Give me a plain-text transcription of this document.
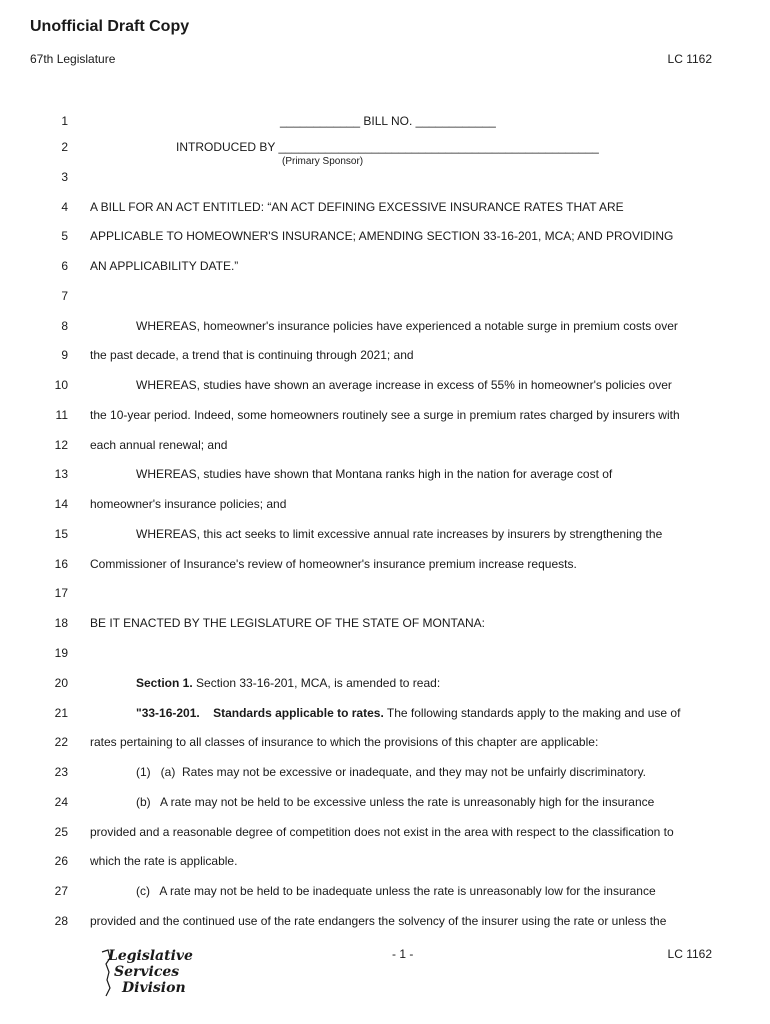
Unofficial Draft Copy
67th Legislature	LC 1162
1	____________ BILL NO. ____________
2	INTRODUCED BY ________________________________________________
(Primary Sponsor)
3
4 A BILL FOR AN ACT ENTITLED: “AN ACT DEFINING EXCESSIVE INSURANCE RATES THAT ARE
5 APPLICABLE TO HOMEOWNER'S INSURANCE; AMENDING SECTION 33-16-201, MCA; AND PROVIDING
6 AN APPLICABILITY DATE.”
7
8	WHEREAS, homeowner's insurance policies have experienced a notable surge in premium costs over
9 the past decade, a trend that is continuing through 2021; and
10	WHEREAS, studies have shown an average increase in excess of 55% in homeowner's policies over
11 the 10-year period. Indeed, some homeowners routinely see a surge in premium rates charged by insurers with
12 each annual renewal; and
13	WHEREAS, studies have shown that Montana ranks high in the nation for average cost of
14 homeowner's insurance policies; and
15	WHEREAS, this act seeks to limit excessive annual rate increases by insurers by strengthening the
16 Commissioner of Insurance's review of homeowner's insurance premium increase requests.
17
18 BE IT ENACTED BY THE LEGISLATURE OF THE STATE OF MONTANA:
19
20	Section 1. Section 33-16-201, MCA, is amended to read:
21	"33-16-201.    Standards applicable to rates. The following standards apply to the making and use of
22 rates pertaining to all classes of insurance to which the provisions of this chapter are applicable:
23	(1)   (a)  Rates may not be excessive or inadequate, and they may not be unfairly discriminatory.
24	(b)   A rate may not be held to be excessive unless the rate is unreasonably high for the insurance
25 provided and a reasonable degree of competition does not exist in the area with respect to the classification to
26 which the rate is applicable.
27	(c)   A rate may not be held to be inadequate unless the rate is unreasonably low for the insurance
28 provided and the continued use of the rate endangers the solvency of the insurer using the rate or unless the
Legislative
Services
Division
- 1 -	LC 1162
